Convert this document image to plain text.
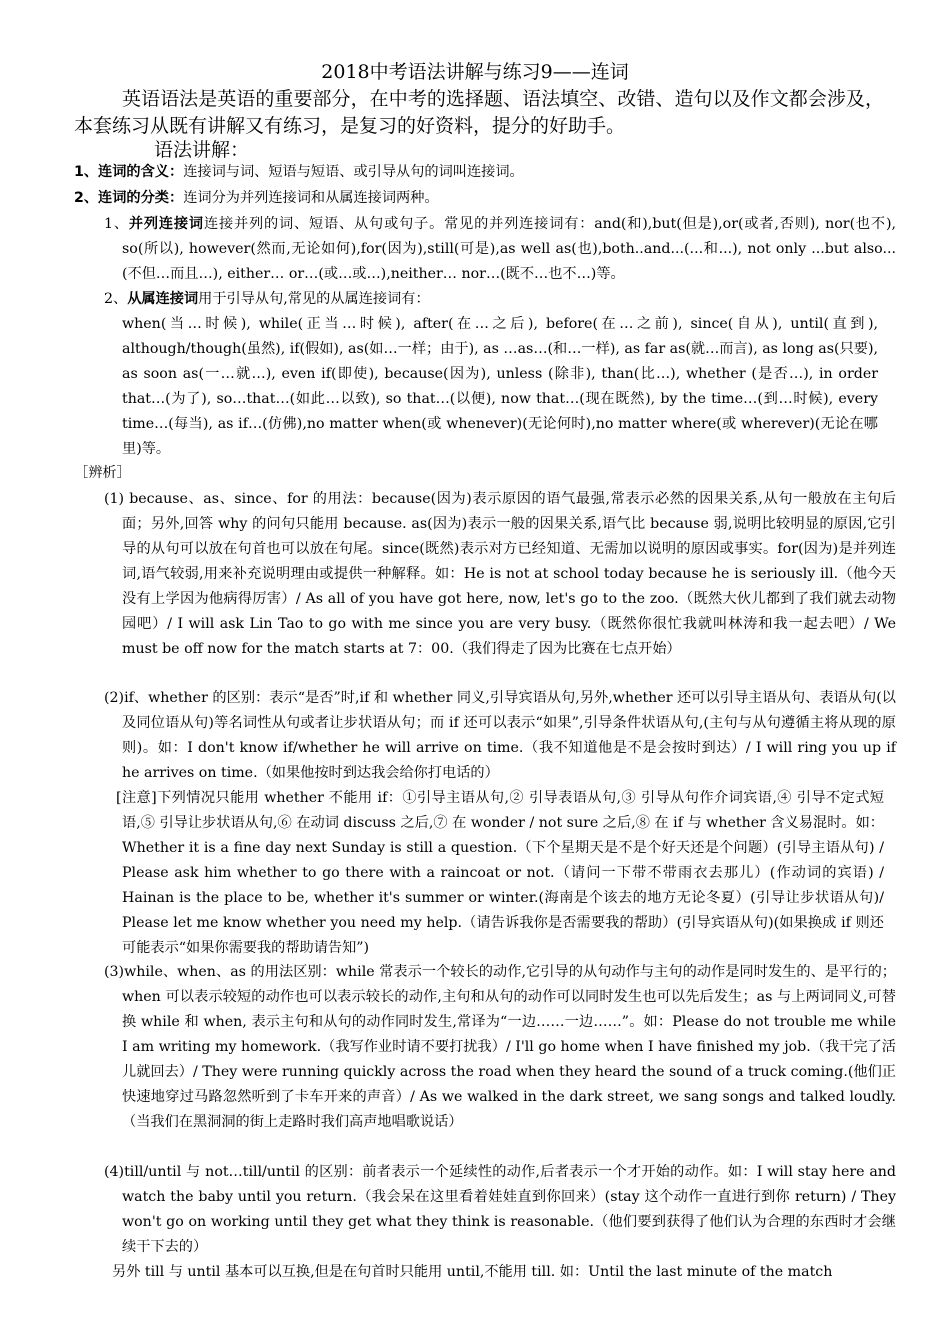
2018中考语法讲解与练习9——连词
英语语法是英语的重要部分，在中考的选择题、语法填空、改错、造句以及作文都会涉及，本套练习从既有讲解又有练习，是复习的好资料，提分的好助手。
语法讲解：
1、连词的含义：连接词与词、短语与短语、或引导从句的词叫连接词。
2、连词的分类：连词分为并列连接词和从属连接词两种。
1、并列连接词连接并列的词、短语、从句或句子。常见的并列连接词有：and(和),but(但是),or(或者,否则), nor(也不), so(所以), however(然而,无论如何),for(因为),still(可是),as well as(也),both..and...(...和...), not only ...but also...(不但…而且…), either… or…(或…或…),neither… nor…(既不…也不…)等。
2、从属连接词用于引导从句,常见的从属连接词有：
when(当…时候), while(正当…时候), after(在…之后), before(在…之前), since(自从), until(直到), although/though(虽然), if(假如), as(如…一样；由于), as …as…(和…一样), as far as(就…而言), as long as(只要), as soon as(一…就…), even if(即使), because(因为), unless (除非), than(比…), whether (是否…), in order that…(为了), so…that…(如此…以致), so that…(以便), now that…(现在既然), by the time…(到…时候), every time…(每当), as if…(仿佛),no matter when(或 whenever)(无论何时),no matter where(或 wherever)(无论在哪里)等。
［辨析］
(1) because、as、since、for 的用法：because(因为)表示原因的语气最强,常表示必然的因果关系,从句一般放在主句后面；另外,回答 why 的问句只能用 because. as(因为)表示一般的因果关系,语气比 because 弱,说明比较明显的原因,它引导的从句可以放在句首也可以放在句尾。since(既然)表示对方已经知道、无需加以说明的原因或事实。for(因为)是并列连词,语气较弱,用来补充说明理由或提供一种解释。如：He is not at school today because he is seriously ill.（他今天没有上学因为他病得厉害）/ As all of you have got here, now, let's go to the zoo.（既然大伙儿都到了我们就去动物园吧）/ I will ask Lin Tao to go with me since you are very busy.（既然你很忙我就叫林涛和我一起去吧）/ We must be off now for the match starts at 7：00.（我们得走了因为比赛在七点开始）
(2)if、whether 的区别：表示“是否”时,if 和 whether 同义,引导宾语从句,另外,whether 还可以引导主语从句、表语从句(以及同位语从句)等名词性从句或者让步状语从句；而 if 还可以表示“如果”,引导条件状语从句,(主句与从句遵循主将从现的原则)。如：I don't know if/whether he will arrive on time.（我不知道他是不是会按时到达）/ I will ring you up if he arrives on time.（如果他按时到达我会给你打电话的）
[注意]下列情况只能用 whether 不能用 if：①引导主语从句,② 引导表语从句,③ 引导从句作介词宾语,④ 引导不定式短语,⑤ 引导让步状语从句,⑥ 在动词 discuss 之后,⑦ 在 wonder / not sure 之后,⑧ 在 if 与 whether 含义易混时。如：Whether it is a fine day next Sunday is still a question.（下个星期天是不是个好天还是个问题）(引导主语从句) / Please ask him whether to go there with a raincoat or not.（请问一下带不带雨衣去那儿）(作动词的宾语) / Hainan is the place to be, whether it's summer or winter.(海南是个该去的地方无论冬夏）(引导让步状语从句)/ Please let me know whether you need my help.（请告诉我你是否需要我的帮助）(引导宾语从句)(如果换成 if 则还可能表示“如果你需要我的帮助请告知”)
(3)while、when、as 的用法区别：while 常表示一个较长的动作,它引导的从句动作与主句的动作是同时发生的、是平行的；when 可以表示较短的动作也可以表示较长的动作,主句和从句的动作可以同时发生也可以先后发生；as 与上两词同义,可替换 while 和 when, 表示主句和从句的动作同时发生,常译为“一边……一边……”。如：Please do not trouble me while I am writing my homework.（我写作业时请不要打扰我）/ I'll go home when I have finished my job.（我干完了活儿就回去）/ They were running quickly across the road when they heard the sound of a truck coming.(他们正快速地穿过马路忽然听到了卡车开来的声音）/ As we walked in the dark street, we sang songs and talked loudly.（当我们在黑洞洞的街上走路时我们高声地唱歌说话）
(4)till/until 与 not…till/until 的区别：前者表示一个延续性的动作,后者表示一个才开始的动作。如：I will stay here and watch the baby until you return.（我会呆在这里看着娃娃直到你回来）(stay 这个动作一直进行到你 return) / They won't go on working until they get what they think is reasonable.（他们要到获得了他们认为合理的东西时才会继续干下去的）
另外 till 与 until 基本可以互换,但是在句首时只能用 until,不能用 till. 如：Until the last minute of the match
